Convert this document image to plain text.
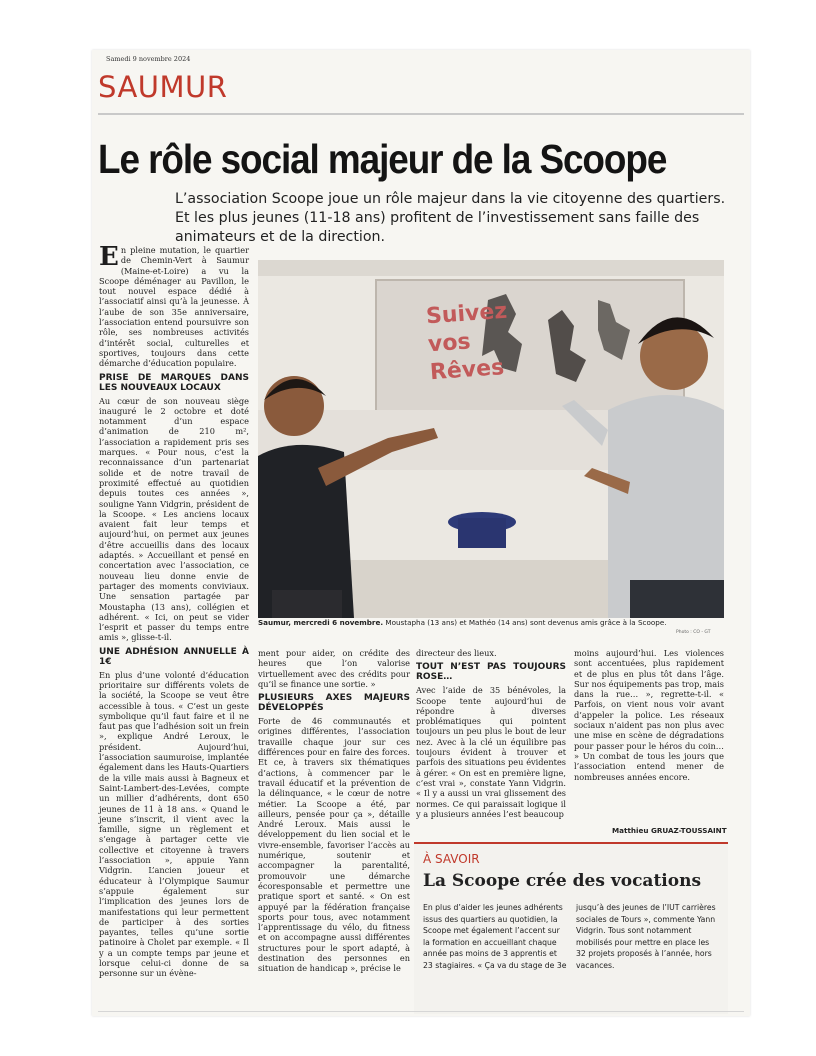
Samedi 9 novembre 2024
SAUMUR
Le rôle social majeur de la Scoope
L’association Scoope joue un rôle majeur dans la vie citoyenne des quartiers. Et les plus jeunes (11-18 ans) profitent de l’investissement sans faille des animateurs et de la direction.

En pleine mutation, le quartier de Chemin-Vert à Saumur (Maine-et-Loire) a vu la Scoope déménager au Pavillon, le tout nouvel espace dédié à l’associatif ainsi qu’à la jeunesse. À l’aube de son 35e anniversaire, l’association entend poursuivre son rôle, ses nombreuses activités d’intérêt social, culturelles et sportives, toujours dans cette démarche d’éducation populaire.

PRISE DE MARQUES DANS LES NOUVEAUX LOCAUX

Au cœur de son nouveau siège inauguré le 2 octobre et doté notamment d’un espace d’animation de 210 m², l’association a rapidement pris ses marques. « Pour nous, c’est la reconnaissance d’un partenariat solide et de notre travail de proximité effectué au quotidien depuis toutes ces années », souligne Yann Vidgrin, président de la Scoope. « Les anciens locaux avaient fait leur temps et aujourd’hui, on permet aux jeunes d’être accueillis dans des locaux adaptés. » Accueillant et pensé en concertation avec l’association, ce nouveau lieu donne envie de partager des moments conviviaux. Une sensation partagée par Moustapha (13 ans), collégien et adhérent. « Ici, on peut se vider l’esprit et passer du temps entre amis », glisse-t-il.

UNE ADHÉSION ANNUELLE À 1€

En plus d’une volonté d’éducation prioritaire sur différents volets de la société, la Scoope se veut être accessible à tous. « C’est un geste symbolique qu’il faut faire et il ne faut pas que l’adhésion soit un frein », explique André Leroux, le président. Aujourd’hui, l’association saumuroise, implantée également dans les Hauts-Quartiers de la ville mais aussi à Bagneux et Saint-Lambert-des-Levées, compte un millier d’adhérents, dont 650 jeunes de 11 à 18 ans. « Quand le jeune s’inscrit, il vient avec la famille, signe un règlement et s’engage à partager cette vie collective et citoyenne à travers l’association », appuie Yann Vidgrin. L’ancien joueur et éducateur à l’Olympique Saumur s’appuie également sur l’implication des jeunes lors de manifestations qui leur permettent de participer à des sorties payantes, telles qu’une sortie patinoire à Cholet par exemple. « Il y a un compte temps par jeune et lorsque celui-ci donne de sa personne sur un évène-

Suivez vos Rêves
Saumur, mercredi 6 novembre. Moustapha (13 ans) et Mathéo (14 ans) sont devenus amis grâce à la Scoope.
Photo : CO - GT

ment pour aider, on crédite des heures que l’on valorise virtuellement avec des crédits pour qu’il se finance une sortie. »

PLUSIEURS AXES MAJEURS DÉVELOPPÉS

Forte de 46 communautés et origines différentes, l’association travaille chaque jour sur ces différences pour en faire des forces. Et ce, à travers six thématiques d’actions, à commencer par le travail éducatif et la prévention de la délinquance, « le cœur de notre métier. La Scoope a été, par ailleurs, pensée pour ça », détaille André Leroux. Mais aussi le développement du lien social et le vivre-ensemble, favoriser l’accès au numérique, soutenir et accompagner la parentalité, promouvoir une démarche écoresponsable et permettre une pratique sport et santé. « On est appuyé par la fédération française sports pour tous, avec notamment l’apprentissage du vélo, du fitness et on accompagne aussi différentes structures pour le sport adapté, à destination des personnes en situation de handicap », précise le

directeur des lieux.

TOUT N’EST PAS TOUJOURS ROSE…

Avec l’aide de 35 bénévoles, la Scoope tente aujourd’hui de répondre à diverses problématiques qui pointent toujours un peu plus le bout de leur nez. Avec à la clé un équilibre pas toujours évident à trouver et parfois des situations peu évidentes à gérer. « On est en première ligne, c’est vrai », constate Yann Vidgrin. « Il y a aussi un vrai glissement des normes. Ce qui paraissait logique il y a plusieurs années l’est beaucoup

moins aujourd’hui. Les violences sont accentuées, plus rapidement et de plus en plus tôt dans l’âge. Sur nos équipements pas trop, mais dans la rue… », regrette-t-il. « Parfois, on vient nous voir avant d’appeler la police. Les réseaux sociaux n’aident pas non plus avec une mise en scène de dégradations pour passer pour le héros du coin… » Un combat de tous les jours que l’association entend mener de nombreuses années encore.

Matthieu GRUAZ-TOUSSAINT
À SAVOIR
La Scoope crée des vocations
En plus d’aider les jeunes adhérents issus des quartiers au quotidien, la Scoope met également l’accent sur la formation en accueillant chaque année pas moins de 3 apprentis et 23 stagiaires. « Ça va du stage de 3e
jusqu’à des jeunes de l’IUT carrières sociales de Tours », commente Yann Vidgrin. Tous sont notamment mobilisés pour mettre en place les 32 projets proposés à l’année, hors vacances.
